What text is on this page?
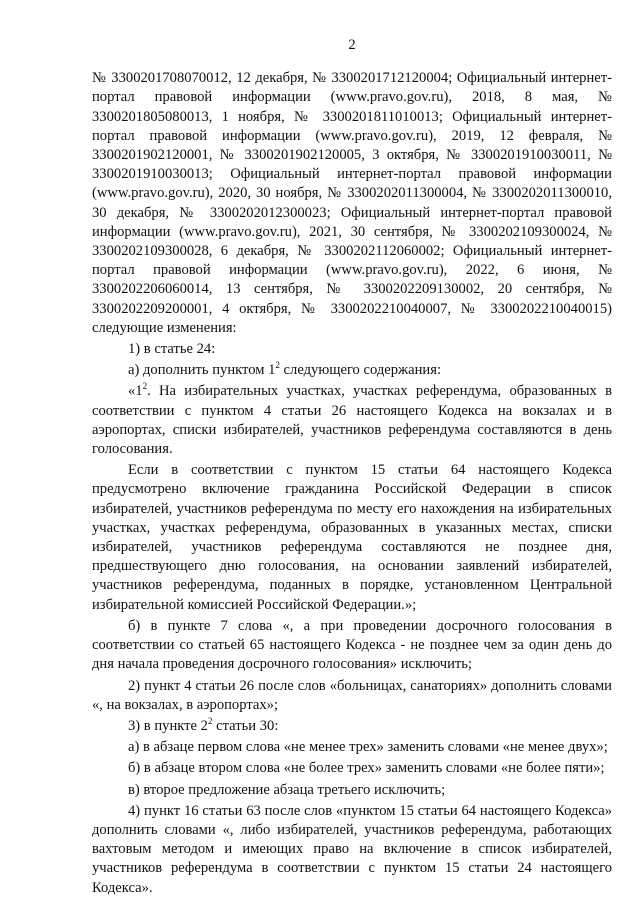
2

№ 3300201708070012, 12 декабря, № 3300201712120004; Официальный интернет-портал правовой информации (www.pravo.gov.ru), 2018, 8 мая, № 3300201805080013, 1 ноября, № 3300201811010013; Официальный интернет-портал правовой информации (www.pravo.gov.ru), 2019, 12 февраля, № 3300201902120001, № 3300201902120005, 3 октября, № 3300201910030011, № 3300201910030013; Официальный интернет-портал правовой информации (www.pravo.gov.ru), 2020, 30 ноября, № 3300202011300004, № 3300202011300010, 30 декабря, № 3300202012300023; Официальный интернет-портал правовой информации (www.pravo.gov.ru), 2021, 30 сентября, № 3300202109300024, № 3300202109300028, 6 декабря, № 3300202112060002; Официальный интернет-портал правовой информации (www.pravo.gov.ru), 2022, 6 июня, № 3300202206060014, 13 сентября, № 3300202209130002, 20 сентября, № 3300202209200001, 4 октября, № 3300202210040007, № 3300202210040015) следующие изменения:

1) в статье 24:

а) дополнить пунктом $1^2$ следующего содержания:

«$1^2$. На избирательных участках, участках референдума, образованных в соответствии с пунктом 4 статьи 26 настоящего Кодекса на вокзалах и в аэропортах, списки избирателей, участников референдума составляются в день голосования.

Если в соответствии с пунктом 15 статьи 64 настоящего Кодекса предусмотрено включение гражданина Российской Федерации в список избирателей, участников референдума по месту его нахождения на избирательных участках, участках референдума, образованных в указанных местах, списки избирателей, участников референдума составляются не позднее дня, предшествующего дню голосования, на основании заявлений избирателей, участников референдума, поданных в порядке, установленном Центральной избирательной комиссией Российской Федерации.»;

б) в пункте 7 слова «, а при проведении досрочного голосования в соответствии со статьей 65 настоящего Кодекса - не позднее чем за один день до дня начала проведения досрочного голосования» исключить;

2) пункт 4 статьи 26 после слов «больницах, санаториях» дополнить словами «, на вокзалах, в аэропортах»;

3) в пункте $2^2$ статьи 30:

а) в абзаце первом слова «не менее трех» заменить словами «не менее двух»;

б) в абзаце втором слова «не более трех» заменить словами «не более пяти»;

в) второе предложение абзаца третьего исключить;

4) пункт 16 статьи 63 после слов «пунктом 15 статьи 64 настоящего Кодекса» дополнить словами «, либо избирателей, участников референдума, работающих вахтовым методом и имеющих право на включение в список избирателей, участников референдума в соответствии с пунктом 15 статьи 24 настоящего Кодекса».
